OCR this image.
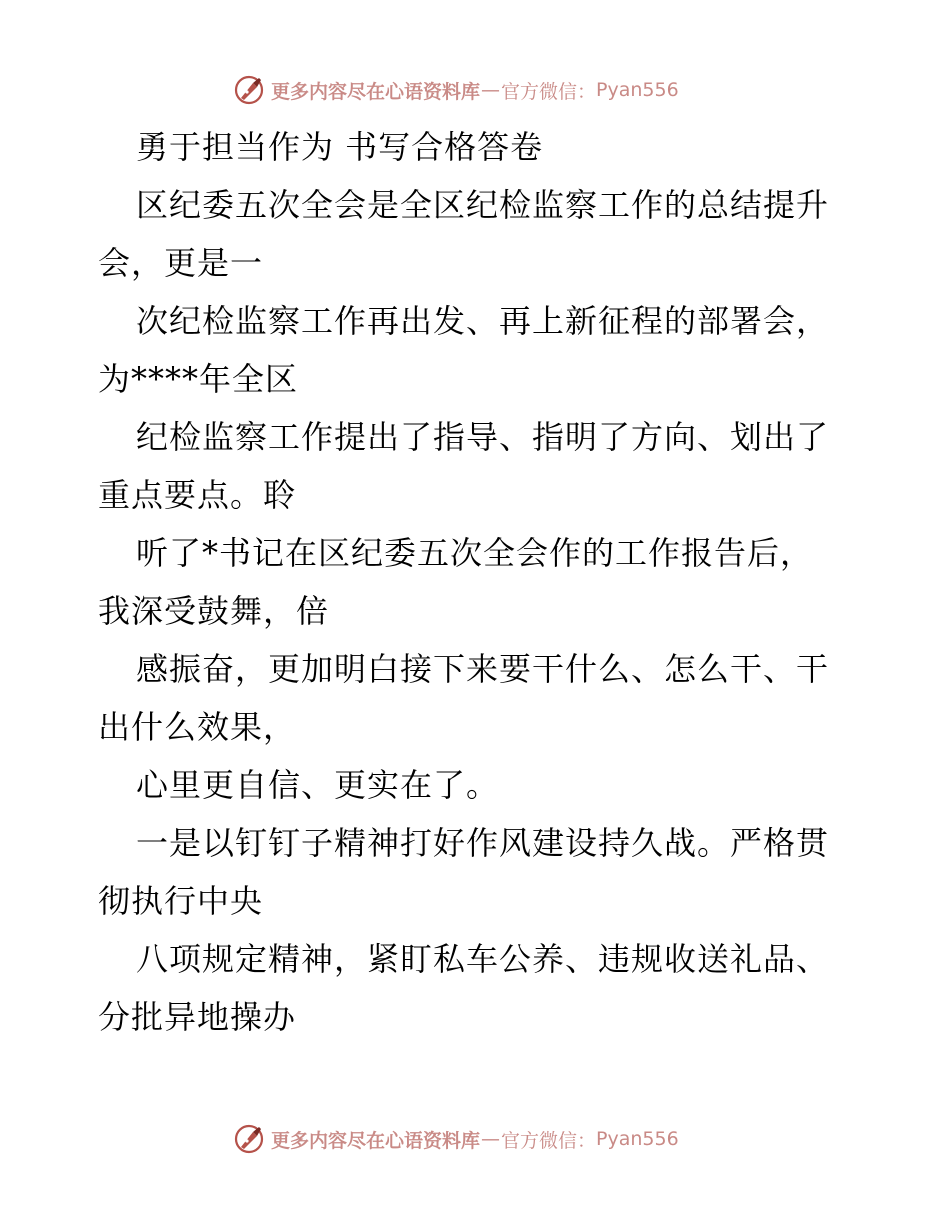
更多内容尽在心语资料库 — 官方微信： Pyan556
勇于担当作为 书写合格答卷
区纪委五次全会是全区纪检监察工作的总结提升
会，更是一
次纪检监察工作再出发、再上新征程的部署会，
为****年全区
纪检监察工作提出了指导、指明了方向、划出了
重点要点。聆
听了*书记在区纪委五次全会作的工作报告后，
我深受鼓舞，倍
感振奋，更加明白接下来要干什么、怎么干、干
出什么效果，
心里更自信、更实在了。
一是以钉钉子精神打好作风建设持久战。严格贯
彻执行中央
八项规定精神，紧盯私车公养、违规收送礼品、
分批异地操办
更多内容尽在心语资料库 — 官方微信： Pyan556
